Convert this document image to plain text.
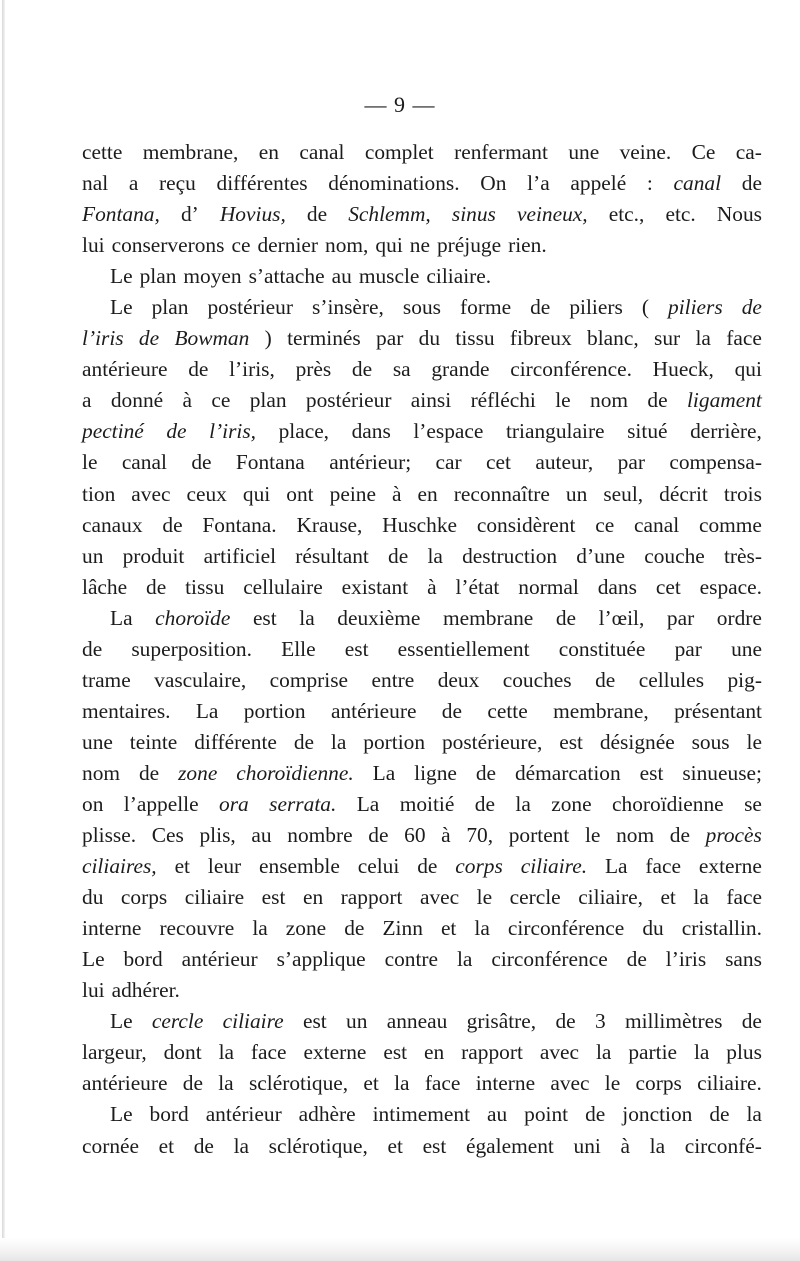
— 9 —
cette membrane, en canal complet renfermant une veine. Ce ca-
nal a reçu différentes dénominations. On l’a appelé : canal de
Fontana, d’ Hovius, de Schlemm, sinus veineux, etc., etc. Nous
lui conserverons ce dernier nom, qui ne préjuge rien.
Le plan moyen s’attache au muscle ciliaire.
Le plan postérieur s’insère, sous forme de piliers ( piliers de
l’iris de Bowman ) terminés par du tissu fibreux blanc, sur la face
antérieure de l’iris, près de sa grande circonférence. Hueck, qui
a donné à ce plan postérieur ainsi réfléchi le nom de ligament
pectiné de l’iris, place, dans l’espace triangulaire situé derrière,
le canal de Fontana antérieur; car cet auteur, par compensa-
tion avec ceux qui ont peine à en reconnaître un seul, décrit trois
canaux de Fontana. Krause, Huschke considèrent ce canal comme
un produit artificiel résultant de la destruction d’une couche très-
lâche de tissu cellulaire existant à l’état normal dans cet espace.
La choroïde est la deuxième membrane de l’œil, par ordre
de superposition. Elle est essentiellement constituée par une
trame vasculaire, comprise entre deux couches de cellules pig-
mentaires. La portion antérieure de cette membrane, présentant
une teinte différente de la portion postérieure, est désignée sous le
nom de zone choroïdienne. La ligne de démarcation est sinueuse;
on l’appelle ora serrata. La moitié de la zone choroïdienne se
plisse. Ces plis, au nombre de 60 à 70, portent le nom de procès
ciliaires, et leur ensemble celui de corps ciliaire. La face externe
du corps ciliaire est en rapport avec le cercle ciliaire, et la face
interne recouvre la zone de Zinn et la circonférence du cristallin.
Le bord antérieur s’applique contre la circonférence de l’iris sans
lui adhérer.
Le cercle ciliaire est un anneau grisâtre, de 3 millimètres de
largeur, dont la face externe est en rapport avec la partie la plus
antérieure de la sclérotique, et la face interne avec le corps ciliaire.
Le bord antérieur adhère intimement au point de jonction de la
cornée et de la sclérotique, et est également uni à la circonfé-
